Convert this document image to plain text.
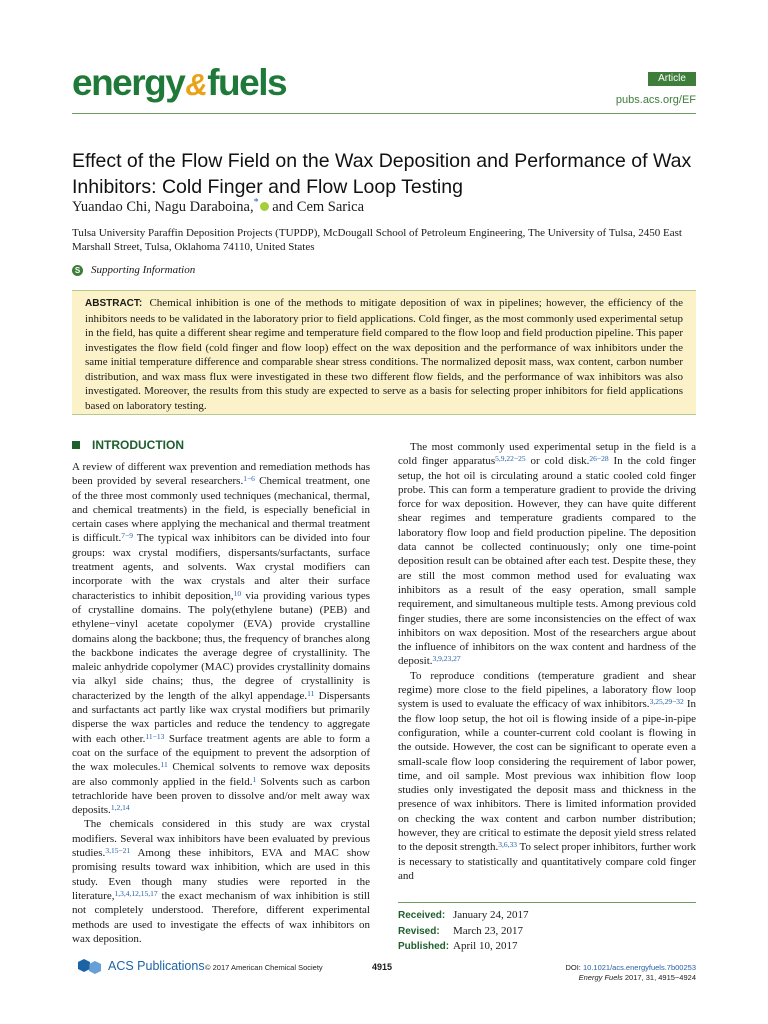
energy&fuels	Article
pubs.acs.org/EF
Effect of the Flow Field on the Wax Deposition and Performance of Wax Inhibitors: Cold Finger and Flow Loop Testing
Yuandao Chi, Nagu Daraboina,* and Cem Sarica
Tulsa University Paraffin Deposition Projects (TUPDP), McDougall School of Petroleum Engineering, The University of Tulsa, 2450 East Marshall Street, Tulsa, Oklahoma 74110, United States
S Supporting Information
ABSTRACT: Chemical inhibition is one of the methods to mitigate deposition of wax in pipelines; however, the efficiency of the inhibitors needs to be validated in the laboratory prior to field applications. Cold finger, as the most commonly used experimental setup in the field, has quite a different shear regime and temperature field compared to the flow loop and field production pipeline. This paper investigates the flow field (cold finger and flow loop) effect on the wax deposition and the performance of wax inhibitors under the same initial temperature difference and comparable shear stress conditions. The normalized deposit mass, wax content, carbon number distribution, and wax mass flux were investigated in these two different flow fields, and the performance of wax inhibitors was also investigated. Moreover, the results from this study are expected to serve as a basis for selecting proper inhibitors for field applications based on laboratory testing.
INTRODUCTION

A review of different wax prevention and remediation methods has been provided by several researchers.$^{1-6}$ Chemical treatment, one of the three most commonly used techniques (mechanical, thermal, and chemical treatments) in the field, is especially beneficial in certain cases where applying the mechanical and thermal treatment is difficult.$^{7-9}$ The typical wax inhibitors can be divided into four groups: wax crystal modifiers, dispersants/surfactants, surface treatment agents, and solvents. Wax crystal modifiers can incorporate with the wax crystals and alter their surface characteristics to inhibit deposition,$^{10}$ via providing various types of crystalline domains. The poly(ethylene butane) (PEB) and ethylene−vinyl acetate copolymer (EVA) provide crystalline domains along the backbone; thus, the frequency of branches along the backbone indicates the average degree of crystallinity. The maleic anhydride copolymer (MAC) provides crystallinity domains via alkyl side chains; thus, the degree of crystallinity is characterized by the length of the alkyl appendage.$^{11}$ Dispersants and surfactants act partly like wax crystal modifiers but primarily disperse the wax particles and reduce the tendency to aggregate with each other.$^{11-13}$ Surface treatment agents are able to form a coat on the surface of the equipment to prevent the adsorption of the wax molecules.$^{11}$ Chemical solvents to remove wax deposits are also commonly applied in the field.$^1$ Solvents such as carbon tetrachloride have been proven to dissolve and/or melt away wax deposits.$^{1,2,14}$

The chemicals considered in this study are wax crystal modifiers. Several wax inhibitors have been evaluated by previous studies.$^{3,15-21}$ Among these inhibitors, EVA and MAC show promising results toward wax inhibition, which are used in this study. Even though many studies were reported in the literature,$^{1,3,4,12,15,17}$ the exact mechanism of wax inhibition is still not completely understood. Therefore, different experimental methods are used to investigate the effects of wax inhibitors on wax deposition.

The most commonly used experimental setup in the field is a cold finger apparatus$^{5,9,22-25}$ or cold disk.$^{26-28}$ In the cold finger setup, the hot oil is circulating around a static cooled cold finger probe. This can form a temperature gradient to provide the driving force for wax deposition. However, they can have quite different shear regimes and temperature gradients compared to the laboratory flow loop and field production pipeline. The deposition data cannot be collected continuously; only one time-point deposition result can be obtained after each test. Despite these, they are still the most common method used for evaluating wax inhibitors as a result of the easy operation, small sample requirement, and simultaneous multiple tests. Among previous cold finger studies, there are some inconsistencies on the effect of wax inhibitors on wax deposition. Most of the researchers argue about the influence of inhibitors on the wax content and hardness of the deposit.$^{3,9,23,27}$

To reproduce conditions (temperature gradient and shear regime) more close to the field pipelines, a laboratory flow loop system is used to evaluate the efficacy of wax inhibitors.$^{3,25,29-32}$ In the flow loop setup, the hot oil is flowing inside of a pipe-in-pipe configuration, while a counter-current cold coolant is flowing in the outside. However, the cost can be significant to operate even a small-scale flow loop considering the requirement of labor power, time, and oil sample. Most previous wax inhibition flow loop studies only investigated the deposit mass and thickness in the presence of wax inhibitors. There is limited information provided on checking the wax content and carbon number distribution; however, they are critical to estimate the deposit yield stress related to the deposit strength.$^{3,6,33}$ To select proper inhibitors, further work is necessary to statistically and quantitatively compare cold finger and

Received: January 24, 2017
Revised: March 23, 2017
Published: April 10, 2017
ACS Publications © 2017 American Chemical Society	4915	DOI: 10.1021/acs.energyfuels.7b00253
Energy Fuels 2017, 31, 4915−4924
